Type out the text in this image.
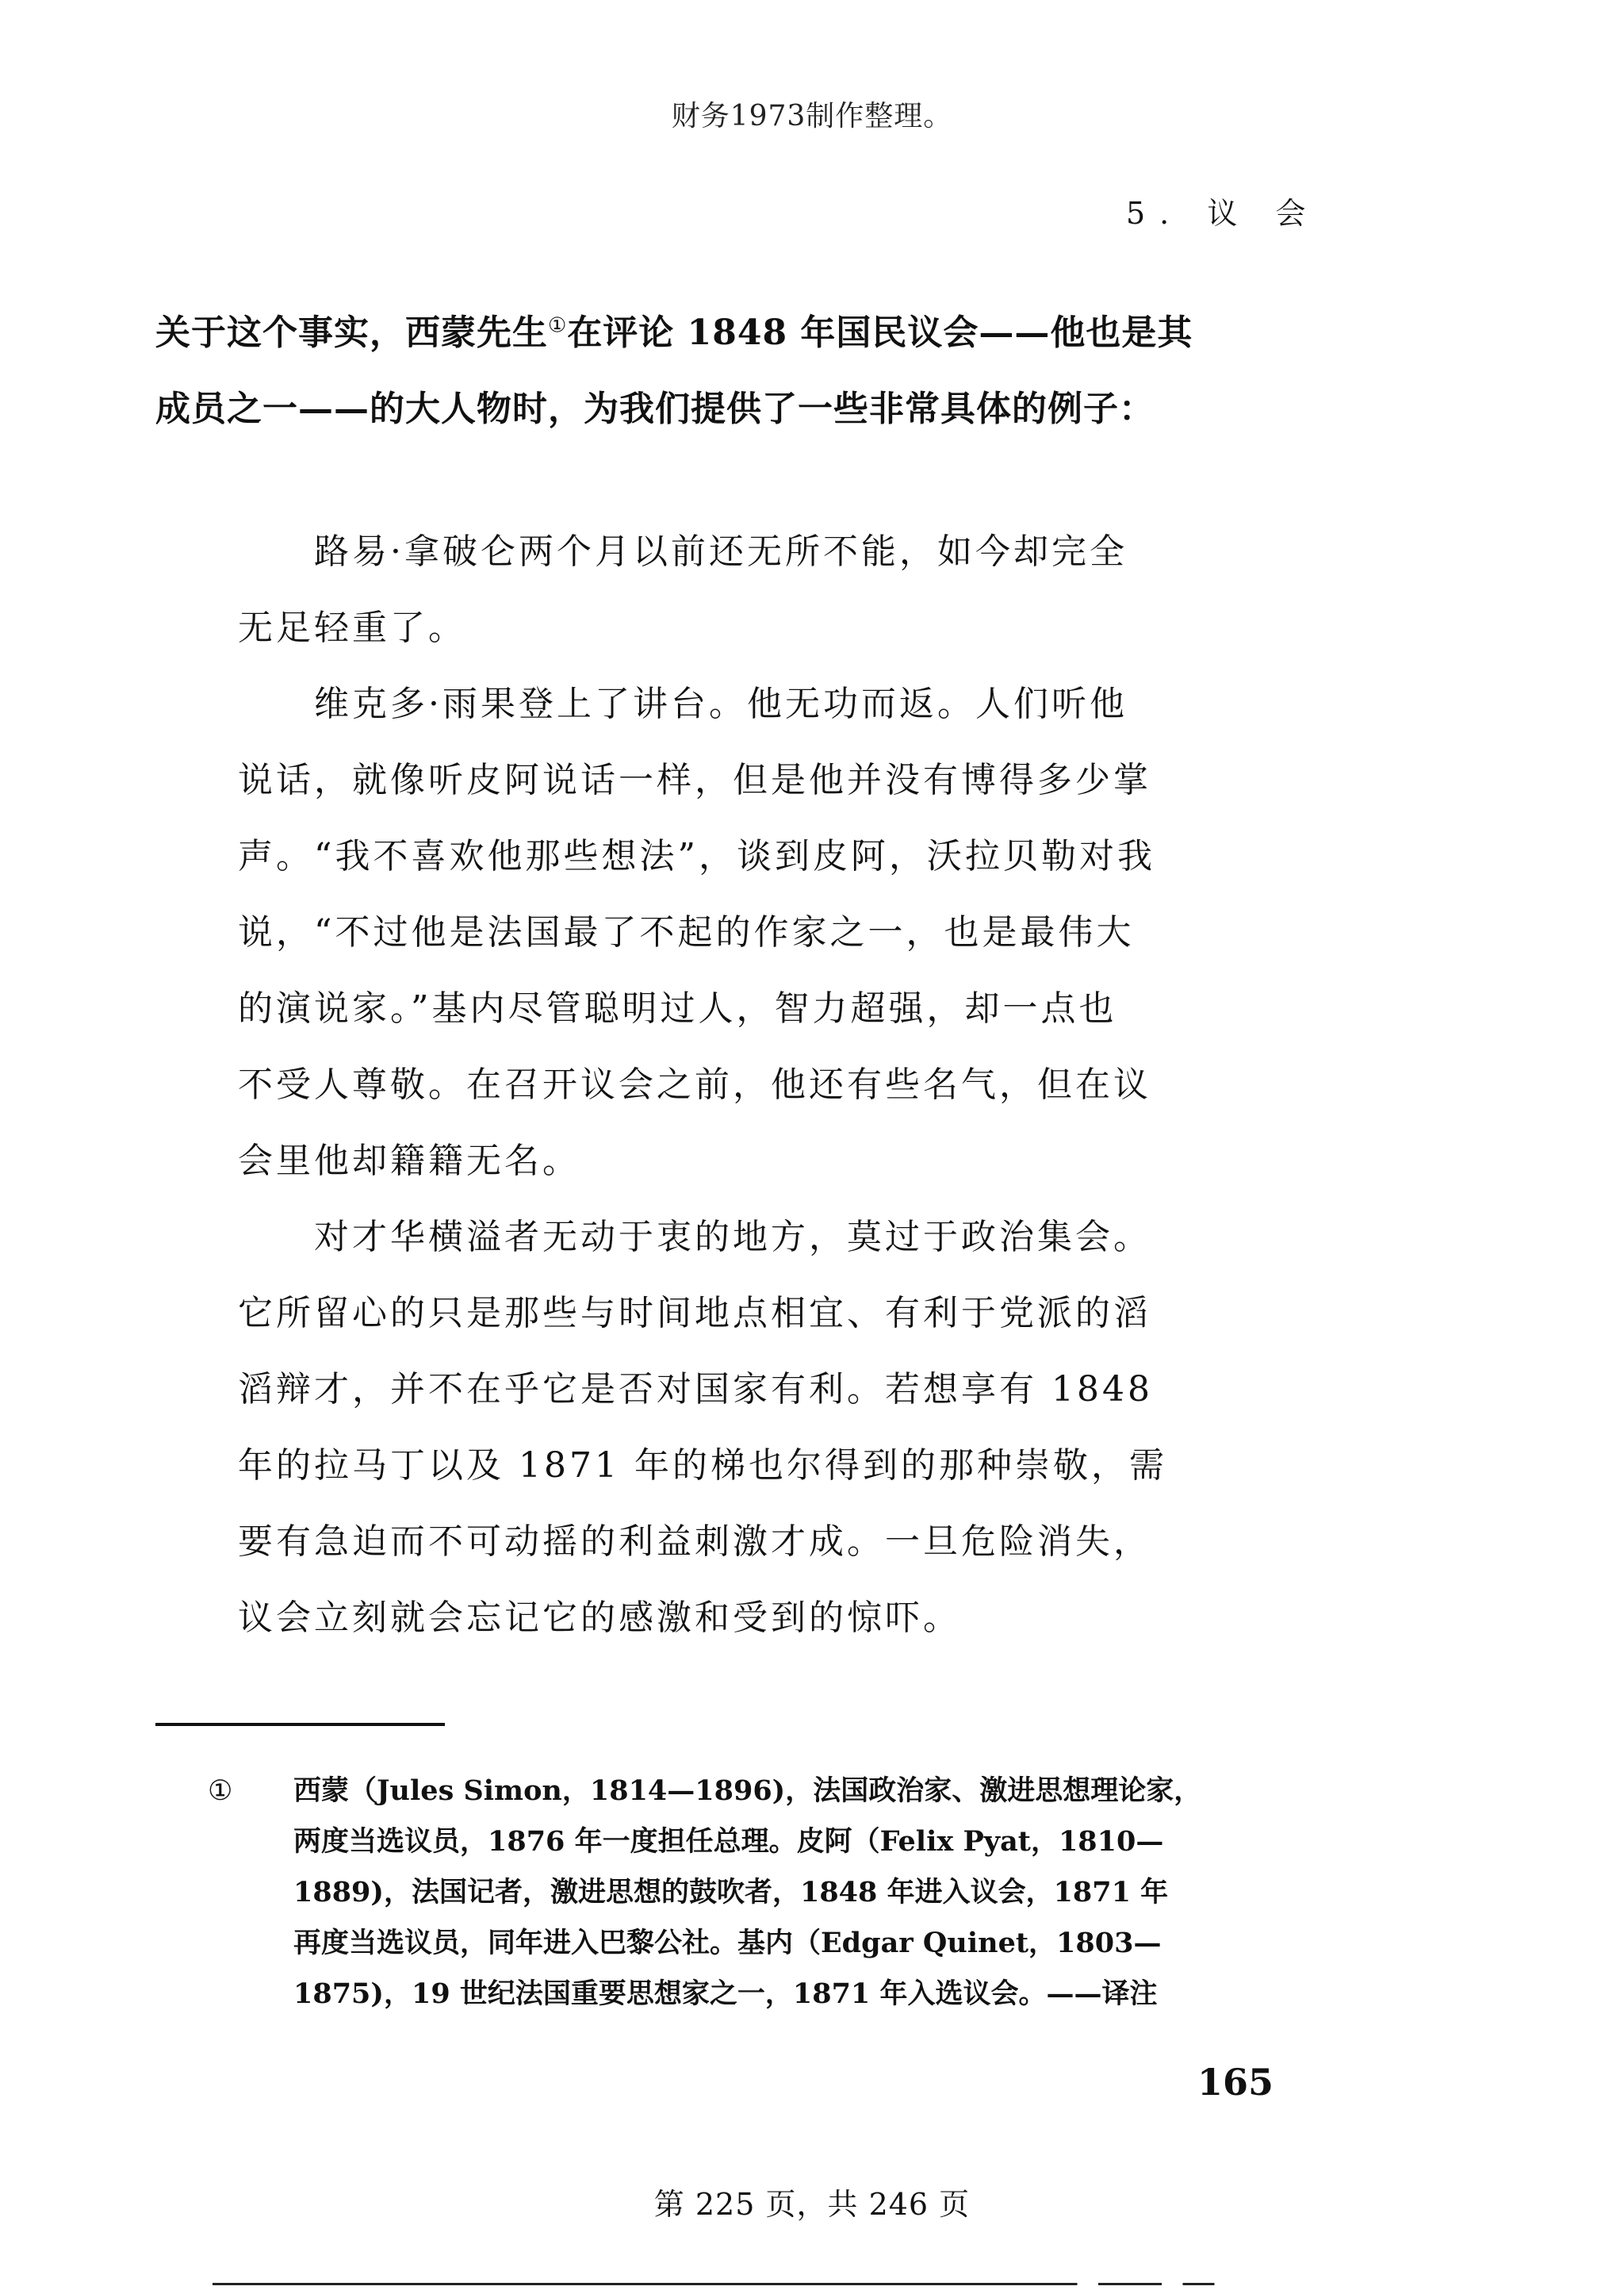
财务1973制作整理。
5. 议 会

关于这个事实，西蒙先生①在评论 1848 年国民议会——他也是其

成员之一——的大人物时，为我们提供了一些非常具体的例子：

　　路易·拿破仑两个月以前还无所不能，如今却完全

无足轻重了。

　　维克多·雨果登上了讲台。他无功而返。人们听他

说话，就像听皮阿说话一样，但是他并没有博得多少掌

声。“我不喜欢他那些想法”，谈到皮阿，沃拉贝勒对我

说，“不过他是法国最了不起的作家之一，也是最伟大

的演说家。”基内尽管聪明过人，智力超强，却一点也

不受人尊敬。在召开议会之前，他还有些名气，但在议

会里他却籍籍无名。

　　对才华横溢者无动于衷的地方，莫过于政治集会。

它所留心的只是那些与时间地点相宜、有利于党派的滔

滔辩才，并不在乎它是否对国家有利。若想享有 1848

年的拉马丁以及 1871 年的梯也尔得到的那种崇敬，需

要有急迫而不可动摇的利益刺激才成。一旦危险消失，

议会立刻就会忘记它的感激和受到的惊吓。

① 西蒙（Jules Simon，1814—1896)，法国政治家、激进思想理论家，

两度当选议员，1876 年一度担任总理。皮阿（Felix Pyat，1810—

1889)，法国记者，激进思想的鼓吹者，1848 年进入议会，1871 年

再度当选议员，同年进入巴黎公社。基内（Edgar Quinet，1803—

1875)，19 世纪法国重要思想家之一，1871 年入选议会。——译注

165
第 225 页，共 246 页
